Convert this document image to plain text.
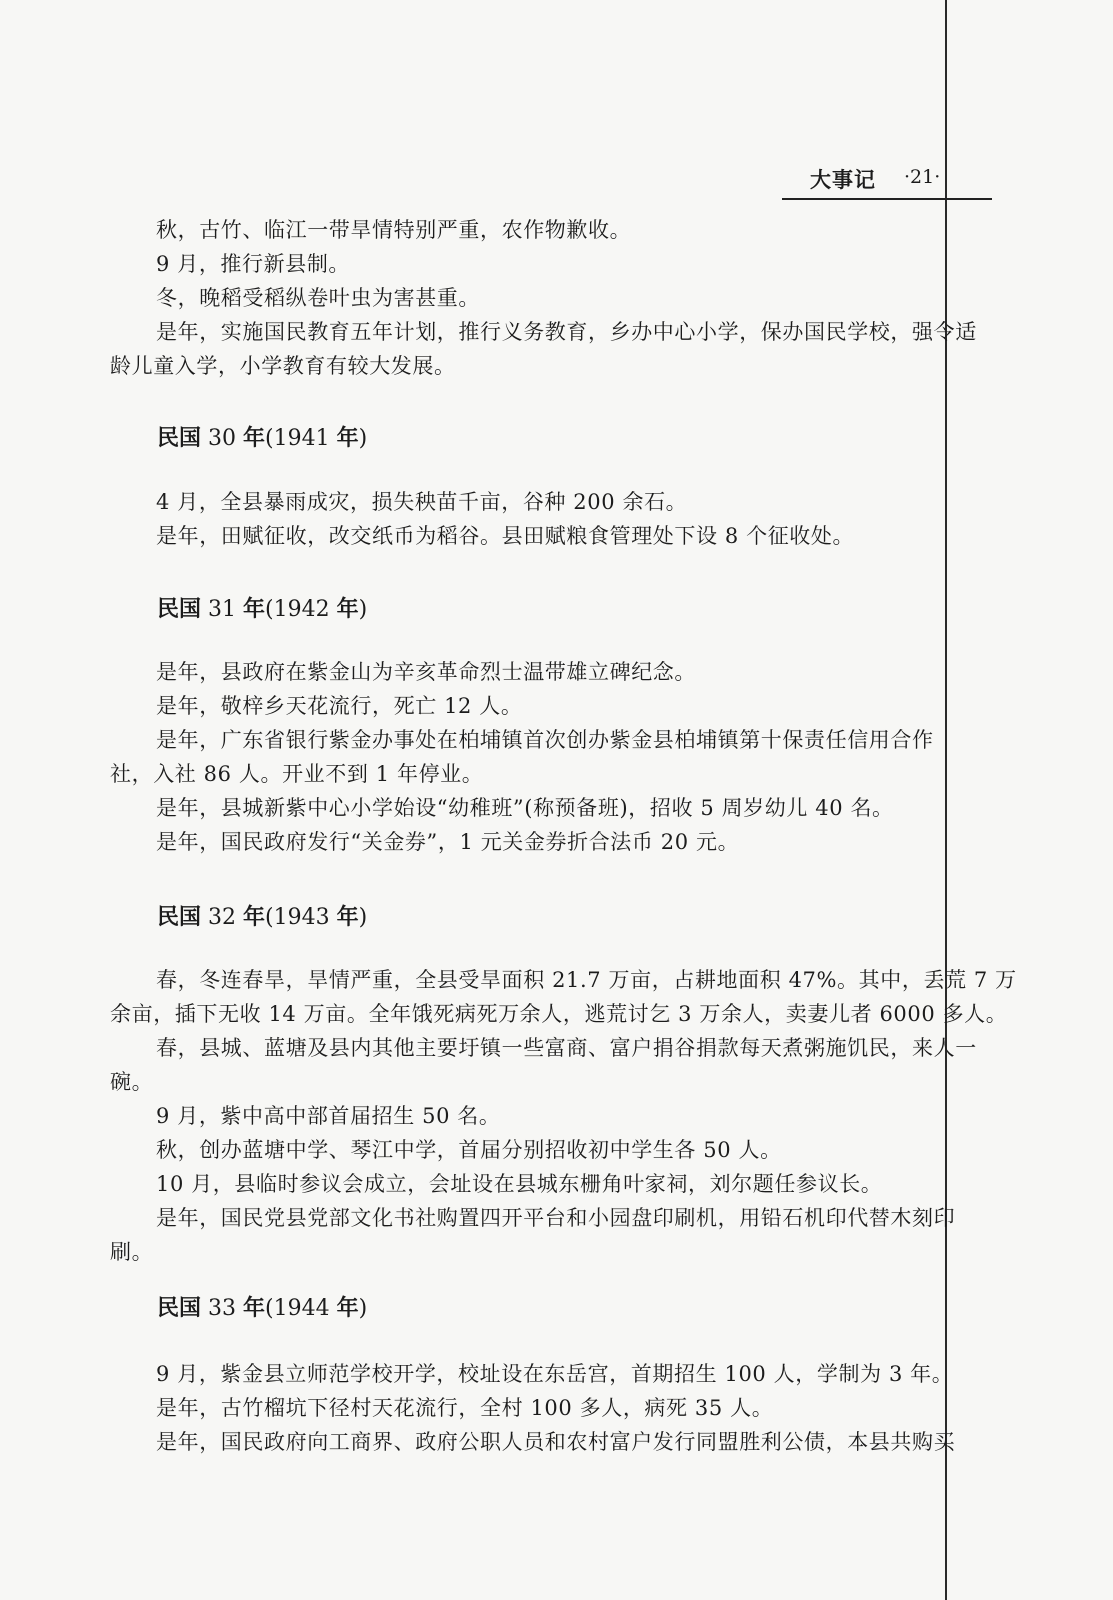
大事记 ·21·
秋，古竹、临江一带旱情特别严重，农作物歉收。
9 月，推行新县制。
冬，晚稻受稻纵卷叶虫为害甚重。
是年，实施国民教育五年计划，推行义务教育，乡办中心小学，保办国民学校，强令适
龄儿童入学，小学教育有较大发展。
民国 30 年(1941 年)
4 月，全县暴雨成灾，损失秧苗千亩，谷种 200 余石。
是年，田赋征收，改交纸币为稻谷。县田赋粮食管理处下设 8 个征收处。
民国 31 年(1942 年)
是年，县政府在紫金山为辛亥革命烈士温带雄立碑纪念。
是年，敬梓乡天花流行，死亡 12 人。
是年，广东省银行紫金办事处在柏埔镇首次创办紫金县柏埔镇第十保责任信用合作
社，入社 86 人。开业不到 1 年停业。
是年，县城新紫中心小学始设“幼稚班”(称预备班)，招收 5 周岁幼儿 40 名。
是年，国民政府发行“关金券”，1 元关金券折合法币 20 元。
民国 32 年(1943 年)
春，冬连春旱，旱情严重，全县受旱面积 21.7 万亩，占耕地面积 47%。其中，丢荒 7 万
余亩，插下无收 14 万亩。全年饿死病死万余人，逃荒讨乞 3 万余人，卖妻儿者 6000 多人。
春，县城、蓝塘及县内其他主要圩镇一些富商、富户捐谷捐款每天煮粥施饥民，来人一
碗。
9 月，紫中高中部首届招生 50 名。
秋，创办蓝塘中学、琴江中学，首届分别招收初中学生各 50 人。
10 月，县临时参议会成立，会址设在县城东栅角叶家祠，刘尔题任参议长。
是年，国民党县党部文化书社购置四开平台和小园盘印刷机，用铅石机印代替木刻印
刷。
民国 33 年(1944 年)
9 月，紫金县立师范学校开学，校址设在东岳宫，首期招生 100 人，学制为 3 年。
是年，古竹榴坑下径村天花流行，全村 100 多人，病死 35 人。
是年，国民政府向工商界、政府公职人员和农村富户发行同盟胜利公债，本县共购买
